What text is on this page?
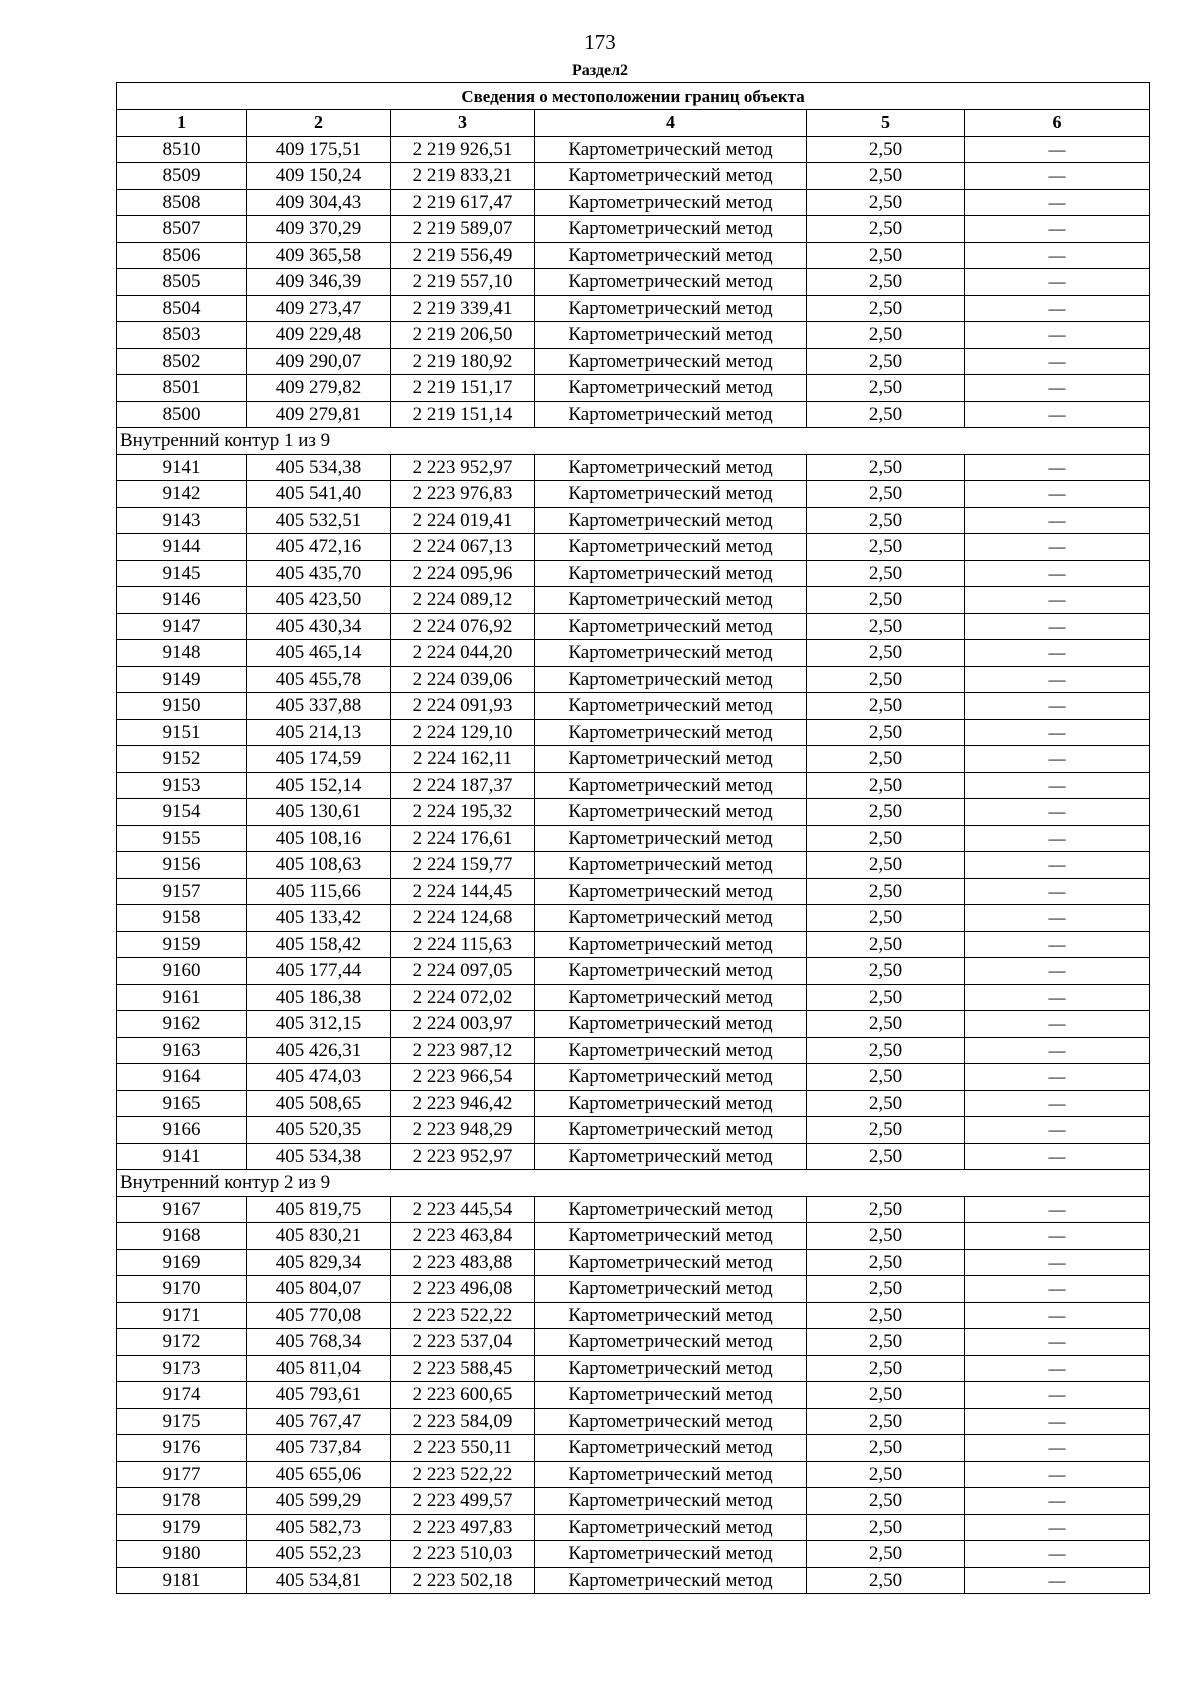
173
Раздел2
Сведения о местоположении границ объекта					
1	2	3	4	5	6
8510	409 175,51	2 219 926,51	Картометрический метод	2,50	—
8509	409 150,24	2 219 833,21	Картометрический метод	2,50	—
8508	409 304,43	2 219 617,47	Картометрический метод	2,50	—
8507	409 370,29	2 219 589,07	Картометрический метод	2,50	—
8506	409 365,58	2 219 556,49	Картометрический метод	2,50	—
8505	409 346,39	2 219 557,10	Картометрический метод	2,50	—
8504	409 273,47	2 219 339,41	Картометрический метод	2,50	—
8503	409 229,48	2 219 206,50	Картометрический метод	2,50	—
8502	409 290,07	2 219 180,92	Картометрический метод	2,50	—
8501	409 279,82	2 219 151,17	Картометрический метод	2,50	—
8500	409 279,81	2 219 151,14	Картометрический метод	2,50	—
Внутренний контур 1 из 9					
9141	405 534,38	2 223 952,97	Картометрический метод	2,50	—
9142	405 541,40	2 223 976,83	Картометрический метод	2,50	—
9143	405 532,51	2 224 019,41	Картометрический метод	2,50	—
9144	405 472,16	2 224 067,13	Картометрический метод	2,50	—
9145	405 435,70	2 224 095,96	Картометрический метод	2,50	—
9146	405 423,50	2 224 089,12	Картометрический метод	2,50	—
9147	405 430,34	2 224 076,92	Картометрический метод	2,50	—
9148	405 465,14	2 224 044,20	Картометрический метод	2,50	—
9149	405 455,78	2 224 039,06	Картометрический метод	2,50	—
9150	405 337,88	2 224 091,93	Картометрический метод	2,50	—
9151	405 214,13	2 224 129,10	Картометрический метод	2,50	—
9152	405 174,59	2 224 162,11	Картометрический метод	2,50	—
9153	405 152,14	2 224 187,37	Картометрический метод	2,50	—
9154	405 130,61	2 224 195,32	Картометрический метод	2,50	—
9155	405 108,16	2 224 176,61	Картометрический метод	2,50	—
9156	405 108,63	2 224 159,77	Картометрический метод	2,50	—
9157	405 115,66	2 224 144,45	Картометрический метод	2,50	—
9158	405 133,42	2 224 124,68	Картометрический метод	2,50	—
9159	405 158,42	2 224 115,63	Картометрический метод	2,50	—
9160	405 177,44	2 224 097,05	Картометрический метод	2,50	—
9161	405 186,38	2 224 072,02	Картометрический метод	2,50	—
9162	405 312,15	2 224 003,97	Картометрический метод	2,50	—
9163	405 426,31	2 223 987,12	Картометрический метод	2,50	—
9164	405 474,03	2 223 966,54	Картометрический метод	2,50	—
9165	405 508,65	2 223 946,42	Картометрический метод	2,50	—
9166	405 520,35	2 223 948,29	Картометрический метод	2,50	—
9141	405 534,38	2 223 952,97	Картометрический метод	2,50	—
Внутренний контур 2 из 9					
9167	405 819,75	2 223 445,54	Картометрический метод	2,50	—
9168	405 830,21	2 223 463,84	Картометрический метод	2,50	—
9169	405 829,34	2 223 483,88	Картометрический метод	2,50	—
9170	405 804,07	2 223 496,08	Картометрический метод	2,50	—
9171	405 770,08	2 223 522,22	Картометрический метод	2,50	—
9172	405 768,34	2 223 537,04	Картометрический метод	2,50	—
9173	405 811,04	2 223 588,45	Картометрический метод	2,50	—
9174	405 793,61	2 223 600,65	Картометрический метод	2,50	—
9175	405 767,47	2 223 584,09	Картометрический метод	2,50	—
9176	405 737,84	2 223 550,11	Картометрический метод	2,50	—
9177	405 655,06	2 223 522,22	Картометрический метод	2,50	—
9178	405 599,29	2 223 499,57	Картометрический метод	2,50	—
9179	405 582,73	2 223 497,83	Картометрический метод	2,50	—
9180	405 552,23	2 223 510,03	Картометрический метод	2,50	—
9181	405 534,81	2 223 502,18	Картометрический метод	2,50	—
